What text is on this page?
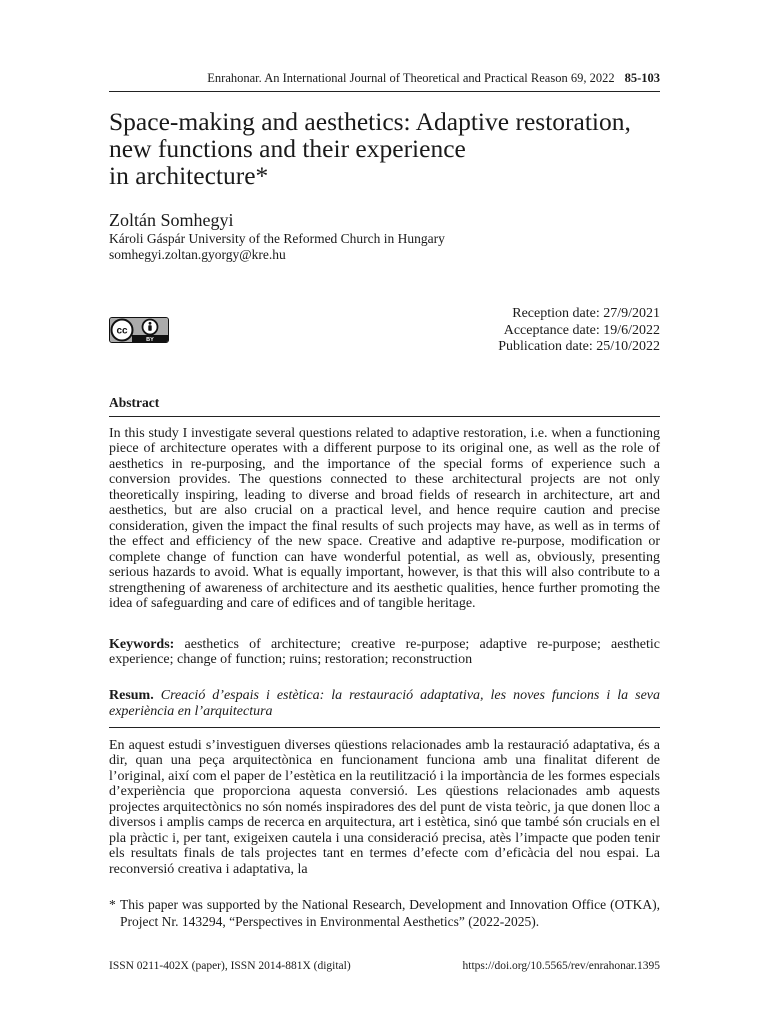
Enrahonar. An International Journal of Theoretical and Practical Reason 69, 2022 85-103
Space-making and aesthetics: Adaptive restoration,
new functions and their experience
in architecture*
Zoltán Somhegyi
Károli Gáspár University of the Reformed Church in Hungary
somhegyi.zoltan.gyorgy@kre.hu
cc
BY
Reception date: 27/9/2021
Acceptance date: 19/6/2022
Publication date: 25/10/2022
Abstract

In this study I investigate several questions related to adaptive restoration, i.e. when a functioning piece of architecture operates with a different purpose to its original one, as well as the role of aesthetics in re-purposing, and the importance of the special forms of experience such a conversion provides. The questions connected to these architectural projects are not only theoretically inspiring, leading to diverse and broad fields of research in architecture, art and aesthetics, but are also crucial on a practical level, and hence require caution and precise consideration, given the impact the final results of such projects may have, as well as in terms of the effect and efficiency of the new space. Creative and adaptive re-purpose, modification or complete change of function can have wonderful potential, as well as, obviously, presenting serious hazards to avoid. What is equally important, however, is that this will also contribute to a strengthening of awareness of architecture and its aesthetic qualities, hence further promoting the idea of safeguarding and care of edifices and of tangible heritage.

Keywords: aesthetics of architecture; creative re-purpose; adaptive re-purpose; aesthetic experience; change of function; ruins; restoration; reconstruction

Resum. Creació d’espais i estètica: la restauració adaptativa, les noves funcions i la seva experiència en l’arquitectura

En aquest estudi s’investiguen diverses qüestions relacionades amb la restauració adaptativa, és a dir, quan una peça arquitectònica en funcionament funciona amb una finalitat diferent de l’original, així com el paper de l’estètica en la reutilització i la importància de les formes especials d’experiència que proporciona aquesta conversió. Les qüestions relacionades amb aquests projectes arquitectònics no són només inspiradores des del punt de vista teòric, ja que donen lloc a diversos i amplis camps de recerca en arquitectura, art i estètica, sinó que també són crucials en el pla pràctic i, per tant, exigeixen cautela i una consideració precisa, atès l’impacte que poden tenir els resultats finals de tals projectes tant en termes d’efecte com d’eficàcia del nou espai. La reconversió creativa i adaptativa, la

* This paper was supported by the National Research, Development and Innovation Office (OTKA), Project Nr. 143294, “Perspectives in Environmental Aesthetics” (2022-2025).
ISSN 0211-402X (paper), ISSN 2014-881X (digital)	https://doi.org/10.5565/rev/enrahonar.1395
